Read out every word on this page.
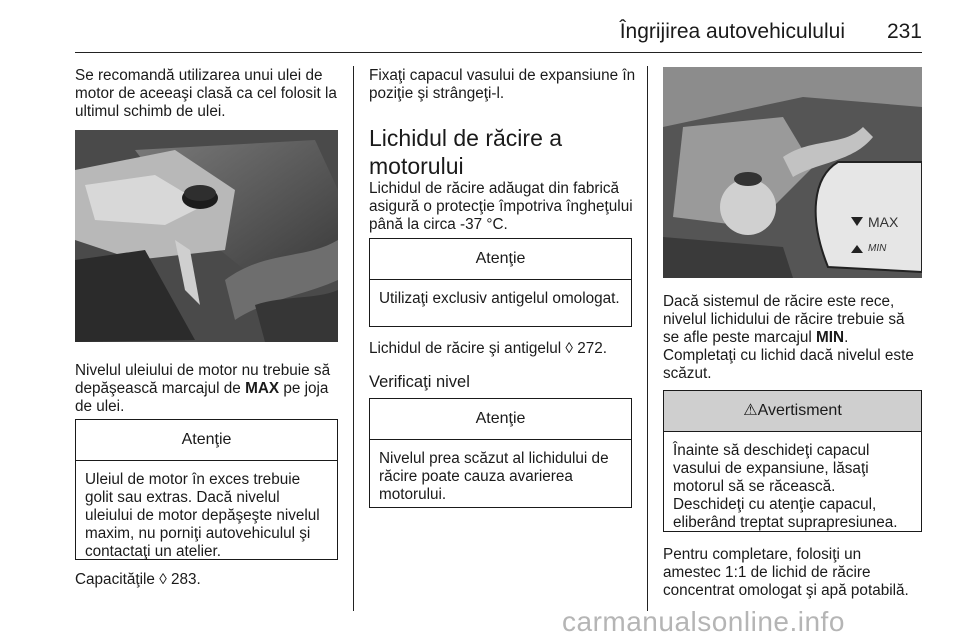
Îngrijirea autovehiculului 231

Se recomandă utilizarea unui ulei de motor de aceeaşi clasă ca cel folosit la ultimul schimb de ulei.

Nivelul uleiului de motor nu trebuie să depăşească marcajul de MAX pe joja de ulei.
Atenţie
Uleiul de motor în exces trebuie golit sau extras. Dacă nivelul uleiului de motor depăşeşte nivelul maxim, nu porniţi autovehiculul şi contactaţi un atelier.
Capacităţile ◊ 283.

Fixaţi capacul vasului de expansiune în poziţie şi strângeţi-l.

Lichidul de răcire a motorului

Lichidul de răcire adăugat din fabrică asigură o protecţie împotriva îngheţului până la circa -37 °C.

Atenţie
Utilizaţi exclusiv antigelul omologat.
Lichidul de răcire şi antigelul ◊ 272.
Verificaţi nivel
Atenţie
Nivelul prea scăzut al lichidului de răcire poate cauza avarierea motorului.
MAX
MIN
Dacă sistemul de răcire este rece, nivelul lichidului de răcire trebuie să se afle peste marcajul MIN.
Completaţi cu lichid dacă nivelul este scăzut.
⚠Avertisment
Înainte să deschideţi capacul vasului de expansiune, lăsaţi motorul să se răcească.
Deschideţi cu atenţie capacul, eliberând treptat suprapresiunea.

Pentru completare, folosiţi un amestec 1:1 de lichid de răcire concentrat omologat şi apă potabilă.

carmanualsonline.info
